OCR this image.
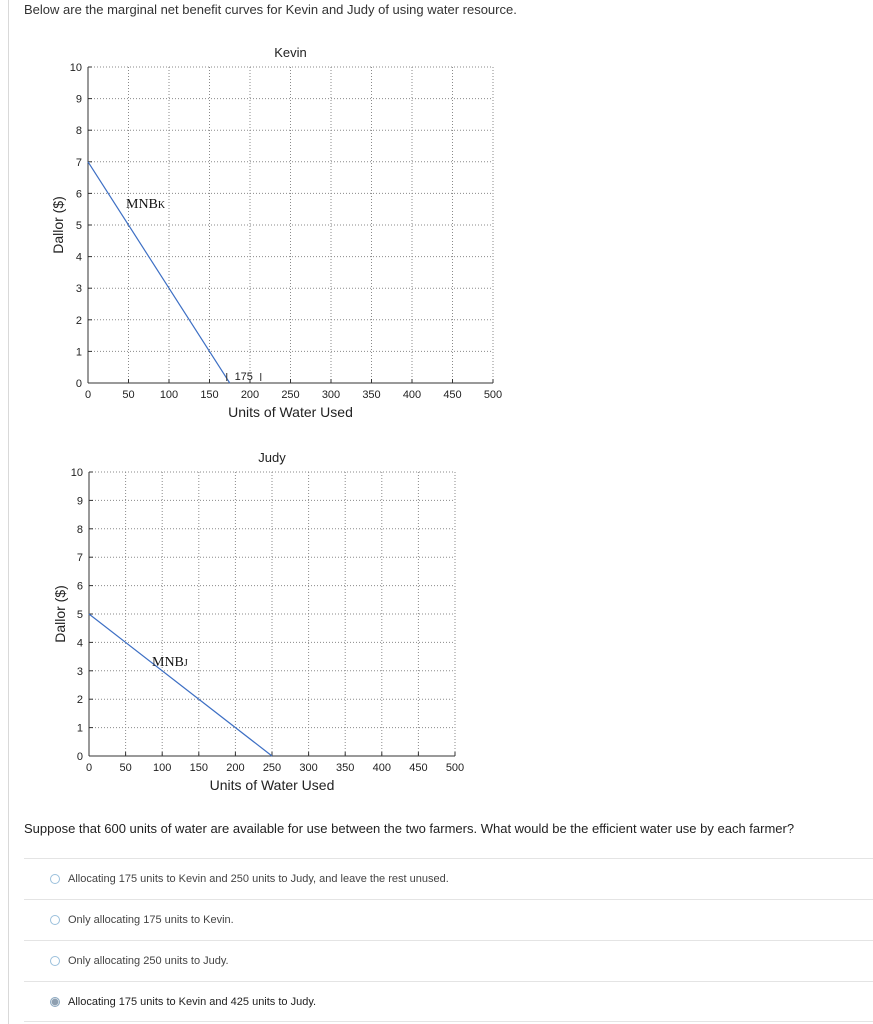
Below are the marginal net benefit curves for Kevin and Judy of using water resource.
0	50 100 150 200 250 300 350 400 450 500
0
1
2
3
4
5
6
7
8
9
10
Kevin
Units of Water Used
Dallor ($)	MNBK
175
0 50 100 150 200 250 300 350 400 450 500
0
1
2
3
4
5
6
7
8
9
10
Judy
Units of Water Used
Dallor ($)
MNBJ
Suppose that 600 units of water are available for use between the two farmers. What would be the efficient water use by each farmer?
Allocating 175 units to Kevin and 250 units to Judy, and leave the rest unused.
Only allocating 175 units to Kevin.
Only allocating 250 units to Judy.
Allocating 175 units to Kevin and 425 units to Judy.
